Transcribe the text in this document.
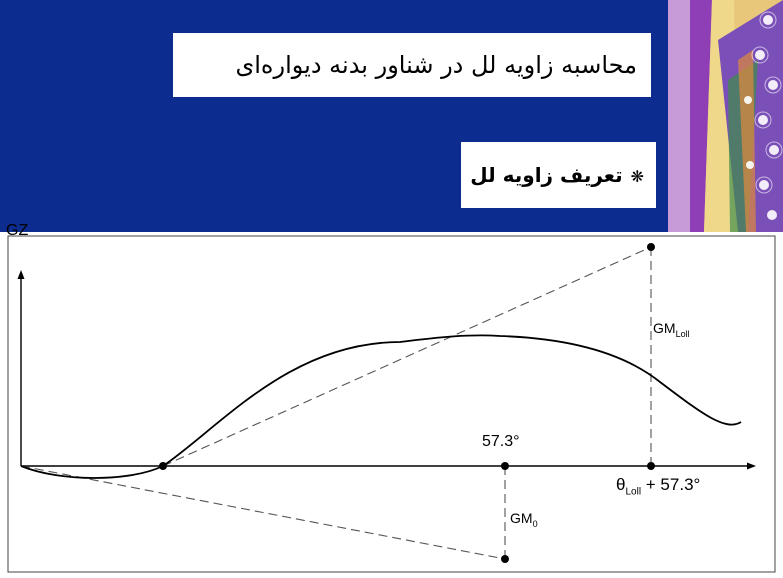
محاسبه زاویه لل در شناور بدنه دیواره‌ای
❋تعریف زاویه لل
GZ
57.3°
$GM_{Loll}$
$\theta_{Loll} + 57.3^\circ$
$GM_0$
